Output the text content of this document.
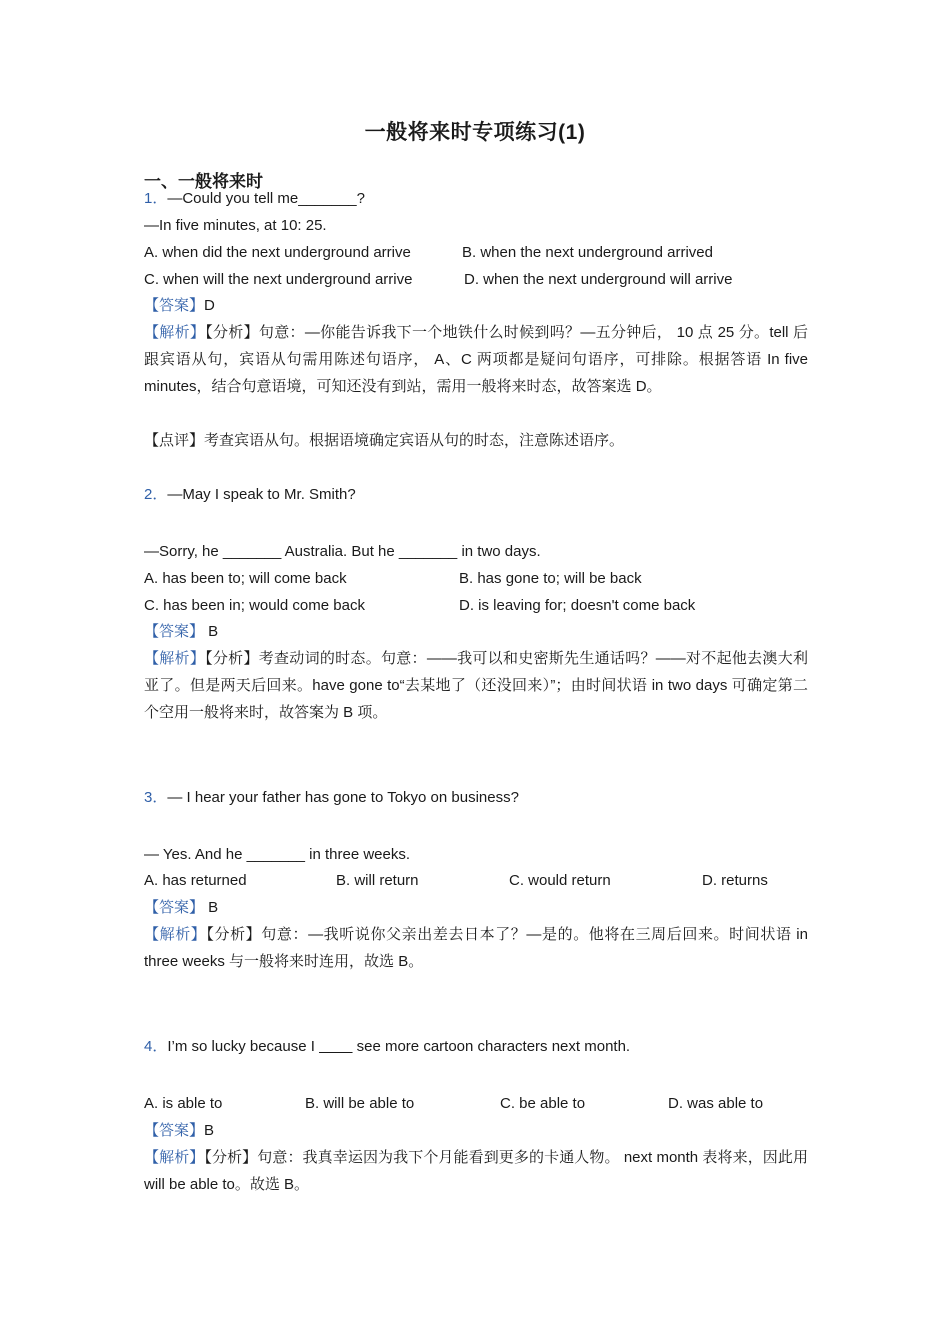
一般将来时专项练习(1)
一、一般将来时
1．—Could you tell me_______?
—In five minutes, at 10: 25.
A. when did the next underground arrive	B. when the next underground arrived
C. when will the next underground arrive	D. when the next underground will arrive
【答案】D
【解析】【分析】句意：—你能告诉我下一个地铁什么时候到吗？—五分钟后， 10 点 25 分。tell 后跟宾语从句，宾语从句需用陈述句语序， A、C 两项都是疑问句语序，可排除。根据答语 In five minutes，结合句意语境，可知还没有到站，需用一般将来时态，故答案选 D。
【点评】考查宾语从句。根据语境确定宾语从句的时态，注意陈述语序。
2．—May I speak to Mr. Smith?
—Sorry, he _______ Australia. But he _______ in two days.
A. has been to; will come back	B. has gone to; will be back
C. has been in; would come back	D. is leaving for; doesn't come back
【答案】 B
【解析】【分析】考查动词的时态。句意：——我可以和史密斯先生通话吗？——对不起他去澳大利亚了。但是两天后回来。have gone to“去某地了（还没回来）”；由时间状语 in two days 可确定第二个空用一般将来时，故答案为 B 项。
3．— I hear your father has gone to Tokyo on business?
— Yes. And he _______ in three weeks.
A. has returned	B. will return	C. would return	D. returns
【答案】 B
【解析】【分析】句意：—我听说你父亲出差去日本了？—是的。他将在三周后回来。时间状语 in three weeks 与一般将来时连用，故选 B。
4．I’m so lucky because I ____ see more cartoon characters next month.
A. is able to	B. will be able to	C. be able to	D. was able to
【答案】B
【解析】【分析】句意：我真幸运因为我下个月能看到更多的卡通人物。 next month 表将来，因此用 will be able to。故选 B。
